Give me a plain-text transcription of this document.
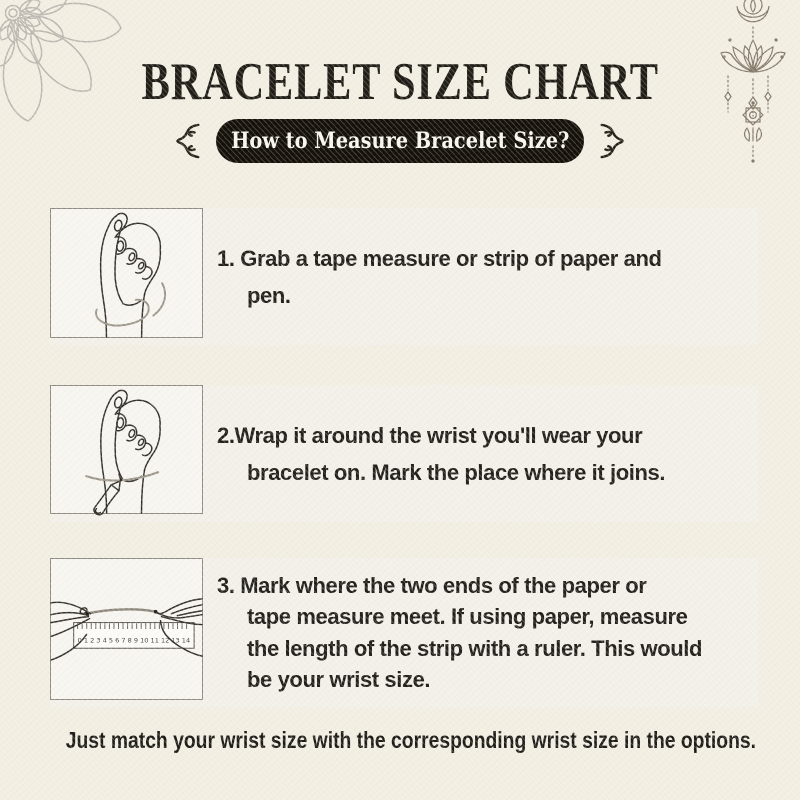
BRACELET SIZE CHART
How to Measure Bracelet Size?
1. Grab a tape measure or strip of paper and
pen.
2.Wrap it around the wrist you'll wear your
bracelet on. Mark the place where it joins.
0 1 2 3 4 5 6 7 8 9 10 11 12 13 14
3. Mark where the two ends of the paper or
tape measure meet. If using paper, measure
the length of the strip with a ruler. This would
be your wrist size.
Just match your wrist size with the corresponding wrist size in the options.
